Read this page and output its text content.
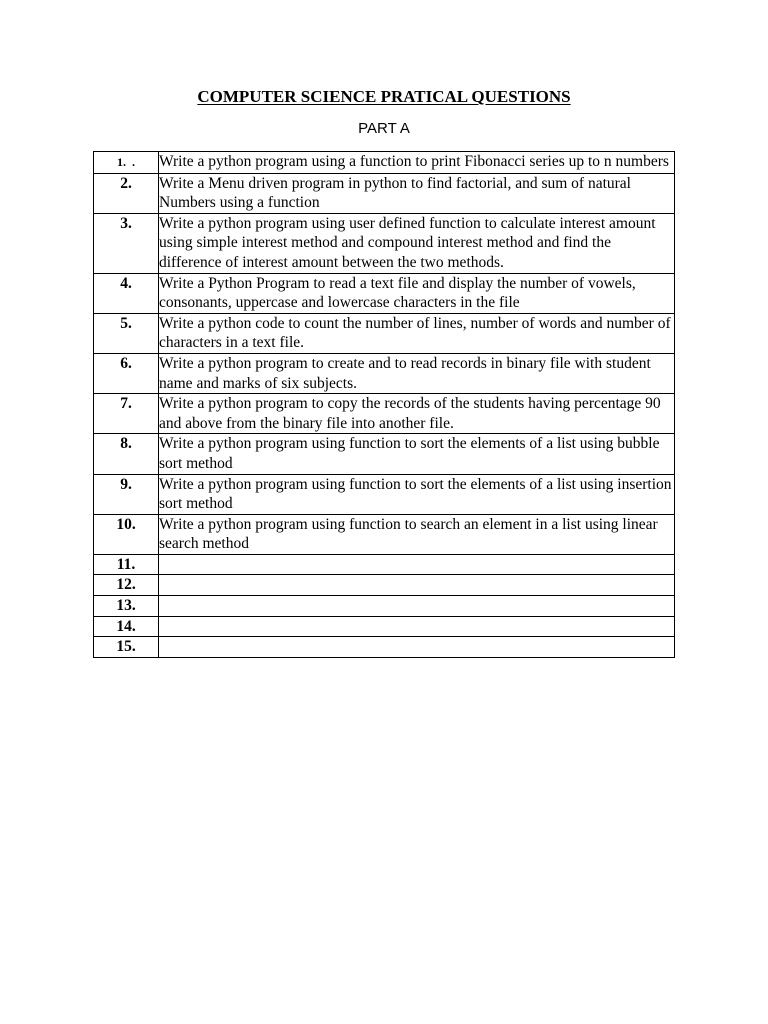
COMPUTER SCIENCE PRATICAL QUESTIONS
PART A
1. .	Write a python program using a function to print Fibonacci series up to n numbers
2.	Write a Menu driven program in python to find factorial, and sum of natural Numbers using a function
3.	Write a python program using user defined function to calculate interest amount using simple interest method and compound interest method and find the difference of interest amount between the two methods.
4.	Write a Python Program to read a text file and display the number of vowels, consonants, uppercase and lowercase characters in the file
5.	Write a python code to count the number of lines, number of words and number of characters in a text file.
6.	Write a python program to create and to read records in binary file with student name and marks of six subjects.
7.	Write a python program to copy the records of the students having percentage 90 and above from the binary file into another file.
8.	Write a python program using function to sort the elements of a list using bubble sort method
9.	Write a python program using function to sort the elements of a list using insertion sort method
10.	Write a python program using function to search an element in a list using linear search method
11.	
12.	
13.	
14.	
15.	
